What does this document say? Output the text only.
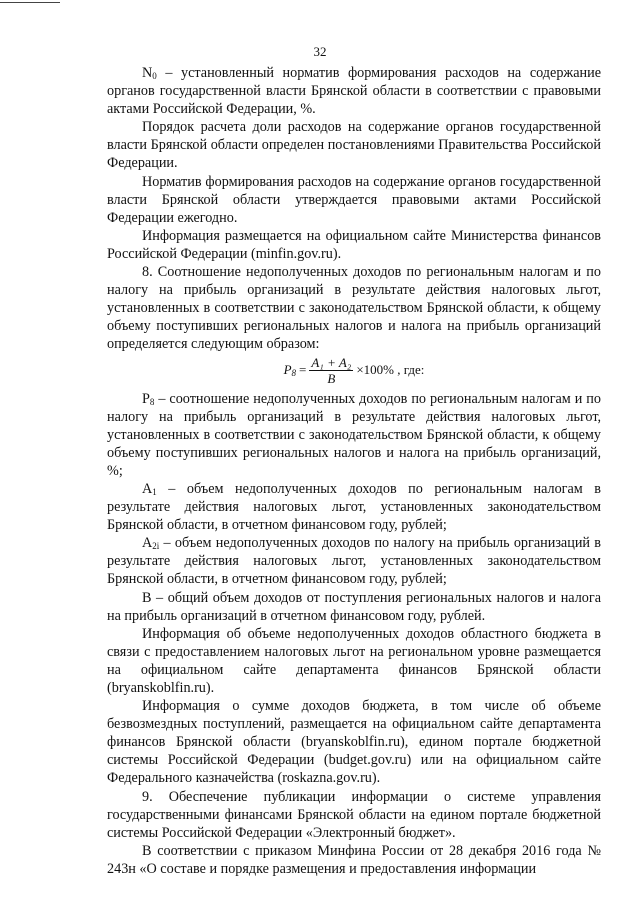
32

$N_0$ – установленный норматив формирования расходов на содержание органов государственной власти Брянской области в соответствии с правовыми актами Российской Федерации, %.

Порядок расчета доли расходов на содержание органов государственной власти Брянской области определен постановлениями Правительства Российской Федерации.

Норматив формирования расходов на содержание органов государственной власти Брянской области утверждается правовыми актами Российской Федерации ежегодно.

Информация размещается на официальном сайте Министерства финансов Российской Федерации (minfin.gov.ru).

8. Соотношение недополученных доходов по региональным налогам и по налогу на прибыль организаций в результате действия налоговых льгот, установленных в соответствии с законодательством Брянской области, к общему объему поступивших региональных налогов и налога на прибыль организаций определяется следующим образом:

$P_8 = \frac{\text{A₁ + A₂}}{B} \times 100\%$ , где:

$P_8$ – соотношение недополученных доходов по региональным налогам и по налогу на прибыль организаций в результате действия налоговых льгот, установленных в соответствии с законодательством Брянской области, к общему объему поступивших региональных налогов и налога на прибыль организаций, %;

$A_1$ – объем недополученных доходов по региональным налогам в результате действия налоговых льгот, установленных законодательством Брянской области, в отчетном финансовом году, рублей;

$A_{2i}$ – объем недополученных доходов по налогу на прибыль организаций в результате действия налоговых льгот, установленных законодательством Брянской области, в отчетном финансовом году, рублей;

В – общий объем доходов от поступления региональных налогов и налога на прибыль организаций в отчетном финансовом году, рублей.

Информация об объеме недополученных доходов областного бюджета в связи с предоставлением налоговых льгот на региональном уровне размещается на официальном сайте департамента финансов Брянской области (bryanskoblfin.ru).

Информация о сумме доходов бюджета, в том числе об объеме безвозмездных поступлений, размещается на официальном сайте департамента финансов Брянской области (bryanskoblfin.ru), едином портале бюджетной системы Российской Федерации (budget.gov.ru) или на официальном сайте Федерального казначейства (roskazna.gov.ru).

9. Обеспечение публикации информации о системе управления государственными финансами Брянской области на едином портале бюджетной системы Российской Федерации «Электронный бюджет».

В соответствии с приказом Минфина России от 28 декабря 2016 года № 243н «О составе и порядке размещения и предоставления информации
